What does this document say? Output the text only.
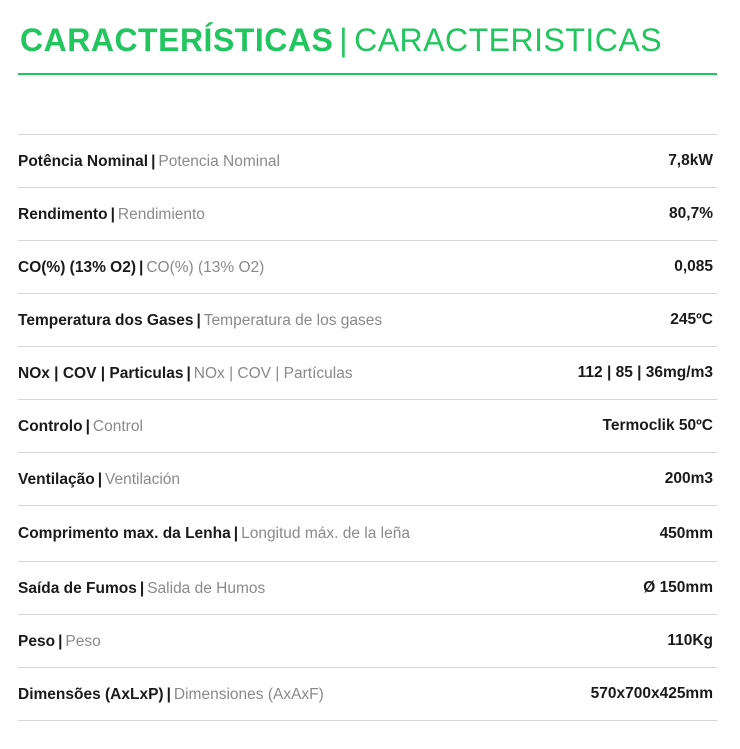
CARACTERÍSTICAS | CARACTERISTICAS
Potência Nominal | Potencia Nominal	7,8kW
Rendimento | Rendimiento	80,7%
CO(%) (13% O2) | CO(%) (13% O2)	0,085
Temperatura dos Gases | Temperatura de los gases	245ºC
NOx | COV | Particulas | NOx | COV | Partículas	112 | 85 | 36mg/m3
Controlo | Control	Termoclik 50ºC
Ventilação | Ventilación	200m3
Comprimento max. da Lenha | Longitud máx. de la leña	450mm
Saída de Fumos | Salida de Humos	Ø 150mm
Peso | Peso	110Kg
Dimensões (AxLxP) | Dimensiones (AxAxF)	570x700x425mm
